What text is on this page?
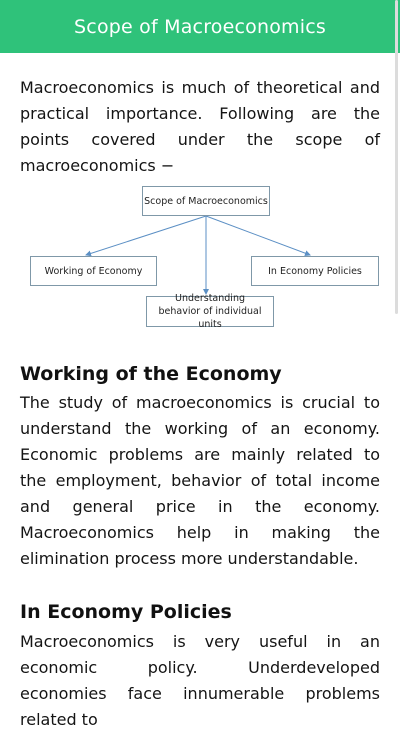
Scope of Macroeconomics

Macroeconomics is much of theoretical and practical importance. Following are the points covered under the scope of macroeconomics −

Scope of Macroeconomics
Working of Economy	In Economy Policies
Understanding behavior of individual units
Working of the Economy

The study of macroeconomics is crucial to understand the working of an economy. Economic problems are mainly related to the employment, behavior of total income and general price in the economy. Macroeconomics help in making the elimination process more understandable.

In Economy Policies

Macroeconomics is very useful in an economic policy. Underdeveloped economies face innumerable problems related to
